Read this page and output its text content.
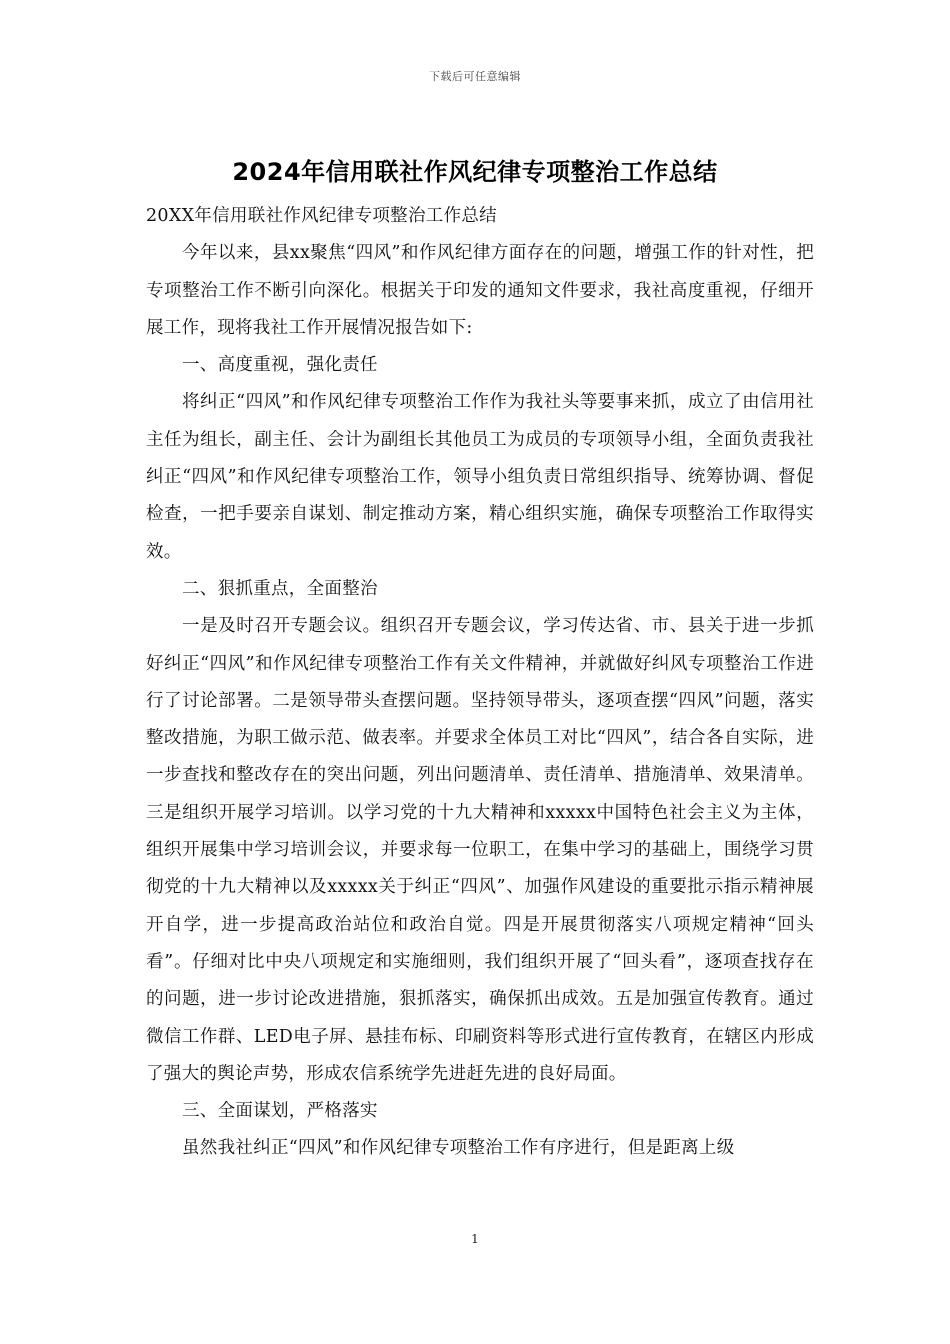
下载后可任意编辑
2024年信用联社作风纪律专项整治工作总结

20XX年信用联社作风纪律专项整治工作总结

今年以来，县xx聚焦“四风”和作风纪律方面存在的问题，增强工作的针对性，把专项整治工作不断引向深化。根据关于印发的通知文件要求，我社高度重视，仔细开展工作，现将我社工作开展情况报告如下:

一、高度重视，强化责任

将纠正“四风”和作风纪律专项整治工作作为我社头等要事来抓，成立了由信用社主任为组长，副主任、会计为副组长其他员工为成员的专项领导小组，全面负责我社纠正“四风”和作风纪律专项整治工作，领导小组负责日常组织指导、统筹协调、督促检查，一把手要亲自谋划、制定推动方案，精心组织实施，确保专项整治工作取得实效。

二、狠抓重点，全面整治

一是及时召开专题会议。组织召开专题会议，学习传达省、市、县关于进一步抓好纠正“四风”和作风纪律专项整治工作有关文件精神，并就做好纠风专项整治工作进行了讨论部署。二是领导带头查摆问题。坚持领导带头，逐项查摆“四风”问题，落实整改措施，为职工做示范、做表率。并要求全体员工对比“四风”，结合各自实际，进一步查找和整改存在的突出问题，列出问题清单、责任清单、措施清单、效果清单。三是组织开展学习培训。以学习党的十九大精神和xxxxx中国特色社会主义为主体，组织开展集中学习培训会议，并要求每一位职工，在集中学习的基础上，围绕学习贯彻党的十九大精神以及xxxxx关于纠正“四风”、加强作风建设的重要批示指示精神展开自学，进一步提高政治站位和政治自觉。四是开展贯彻落实八项规定精神“回头看”。仔细对比中央八项规定和实施细则，我们组织开展了“回头看”，逐项查找存在的问题，进一步讨论改进措施，狠抓落实，确保抓出成效。五是加强宣传教育。通过微信工作群、LED电子屏、悬挂布标、印刷资料等形式进行宣传教育，在辖区内形成了强大的舆论声势，形成农信系统学先进赶先进的良好局面。

三、全面谋划，严格落实

虽然我社纠正“四风”和作风纪律专项整治工作有序进行，但是距离上级

1
